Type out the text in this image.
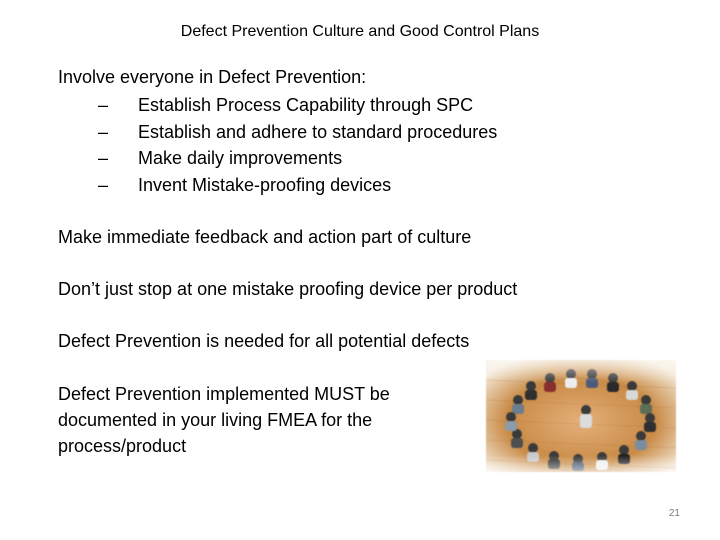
Defect Prevention Culture and Good Control Plans
Involve everyone in Defect Prevention:
– Establish Process Capability through SPC
– Establish and adhere to standard procedures
– Make daily improvements
– Invent Mistake-proofing devices
Make immediate feedback and action part of culture
Don’t just stop at one mistake proofing device per product
Defect Prevention is needed for all potential defects
Defect Prevention implemented MUST be documented in your living FMEA for the process/product
21
